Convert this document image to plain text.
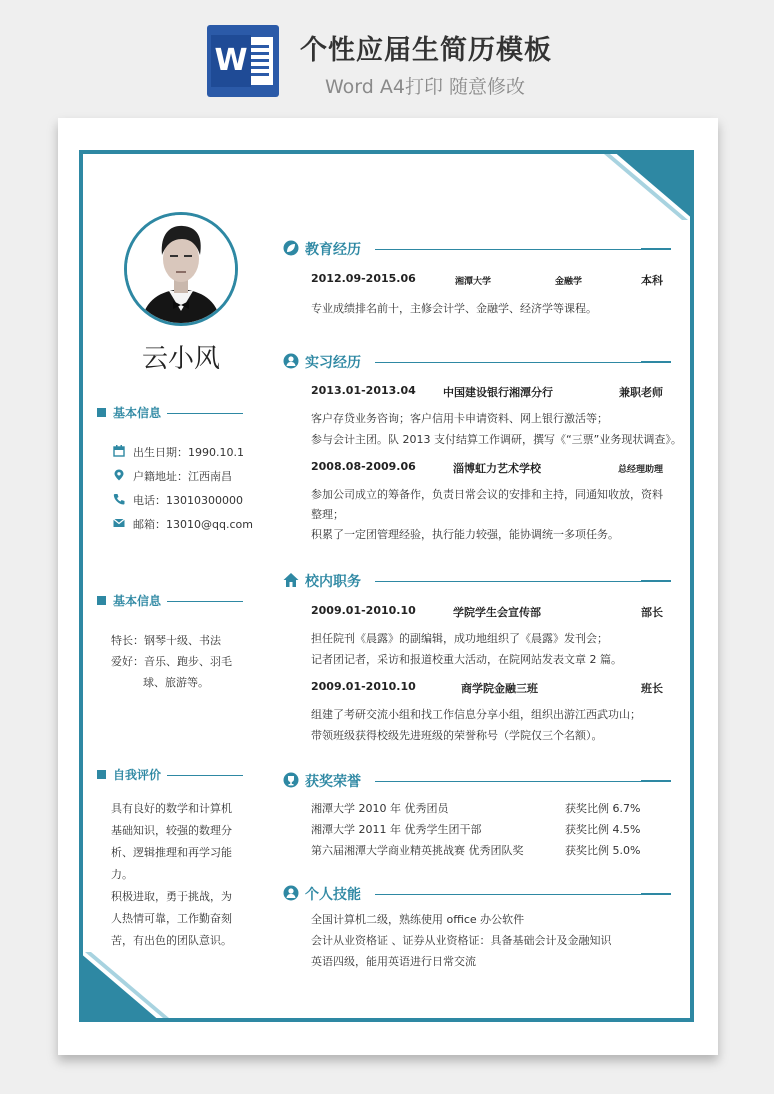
W 个性应届生简历模板
Word A4打印 随意修改
云小风
基本信息
出生日期：1990.10.1
户籍地址：江西南昌
电话：13010300000
邮箱：13010@qq.com
基本信息
特长：钢琴十级、书法
爱好：音乐、跑步、羽毛
球、旅游等。
自我评价
具有良好的数学和计算机
基础知识，较强的数理分
析、逻辑推理和再学习能
力。
积极进取，勇于挑战，为
人热情可靠，工作勤奋刻
苦，有出色的团队意识。
教育经历
2012.09-2015.06	湘潭大学	金融学	本科
专业成绩排名前十，主修会计学、金融学、经济学等课程。
实习经历
2013.01-2013.04 中国建设银行湘潭分行	兼职老师
客户存贷业务咨询；客户信用卡申请资料、网上银行激活等；
参与会计主团。队 2013 支付结算工作调研，撰写《“三票”业务现状调查》。
2008.08-2009.06	淄博虹力艺术学校	总经理助理
参加公司成立的筹备作，负责日常会议的安排和主持，同通知收放，资料
整理；
积累了一定团管理经验，执行能力较强，能协调统一多项任务。
校内职务
2009.01-2010.10	学院学生会宣传部	部长
担任院刊《晨露》的副编辑，成功地组织了《晨露》发刊会；
记者团记者，采访和报道校重大活动，在院网站发表文章 2 篇。
2009.01-2010.10	商学院金融三班	班长
组建了考研交流小组和找工作信息分享小组，组织出游江西武功山；
带领班级获得校级先进班级的荣誉称号（学院仅三个名额）。
获奖荣誉
湘潭大学 2010 年 优秀团员	获奖比例 6.7%
湘潭大学 2011 年 优秀学生团干部	获奖比例 4.5%
第六届湘潭大学商业精英挑战赛 优秀团队奖	获奖比例 5.0%
个人技能
全国计算机二级，熟练使用 office 办公软件
会计从业资格证 、证券从业资格证：具备基础会计及金融知识
英语四级，能用英语进行日常交流
